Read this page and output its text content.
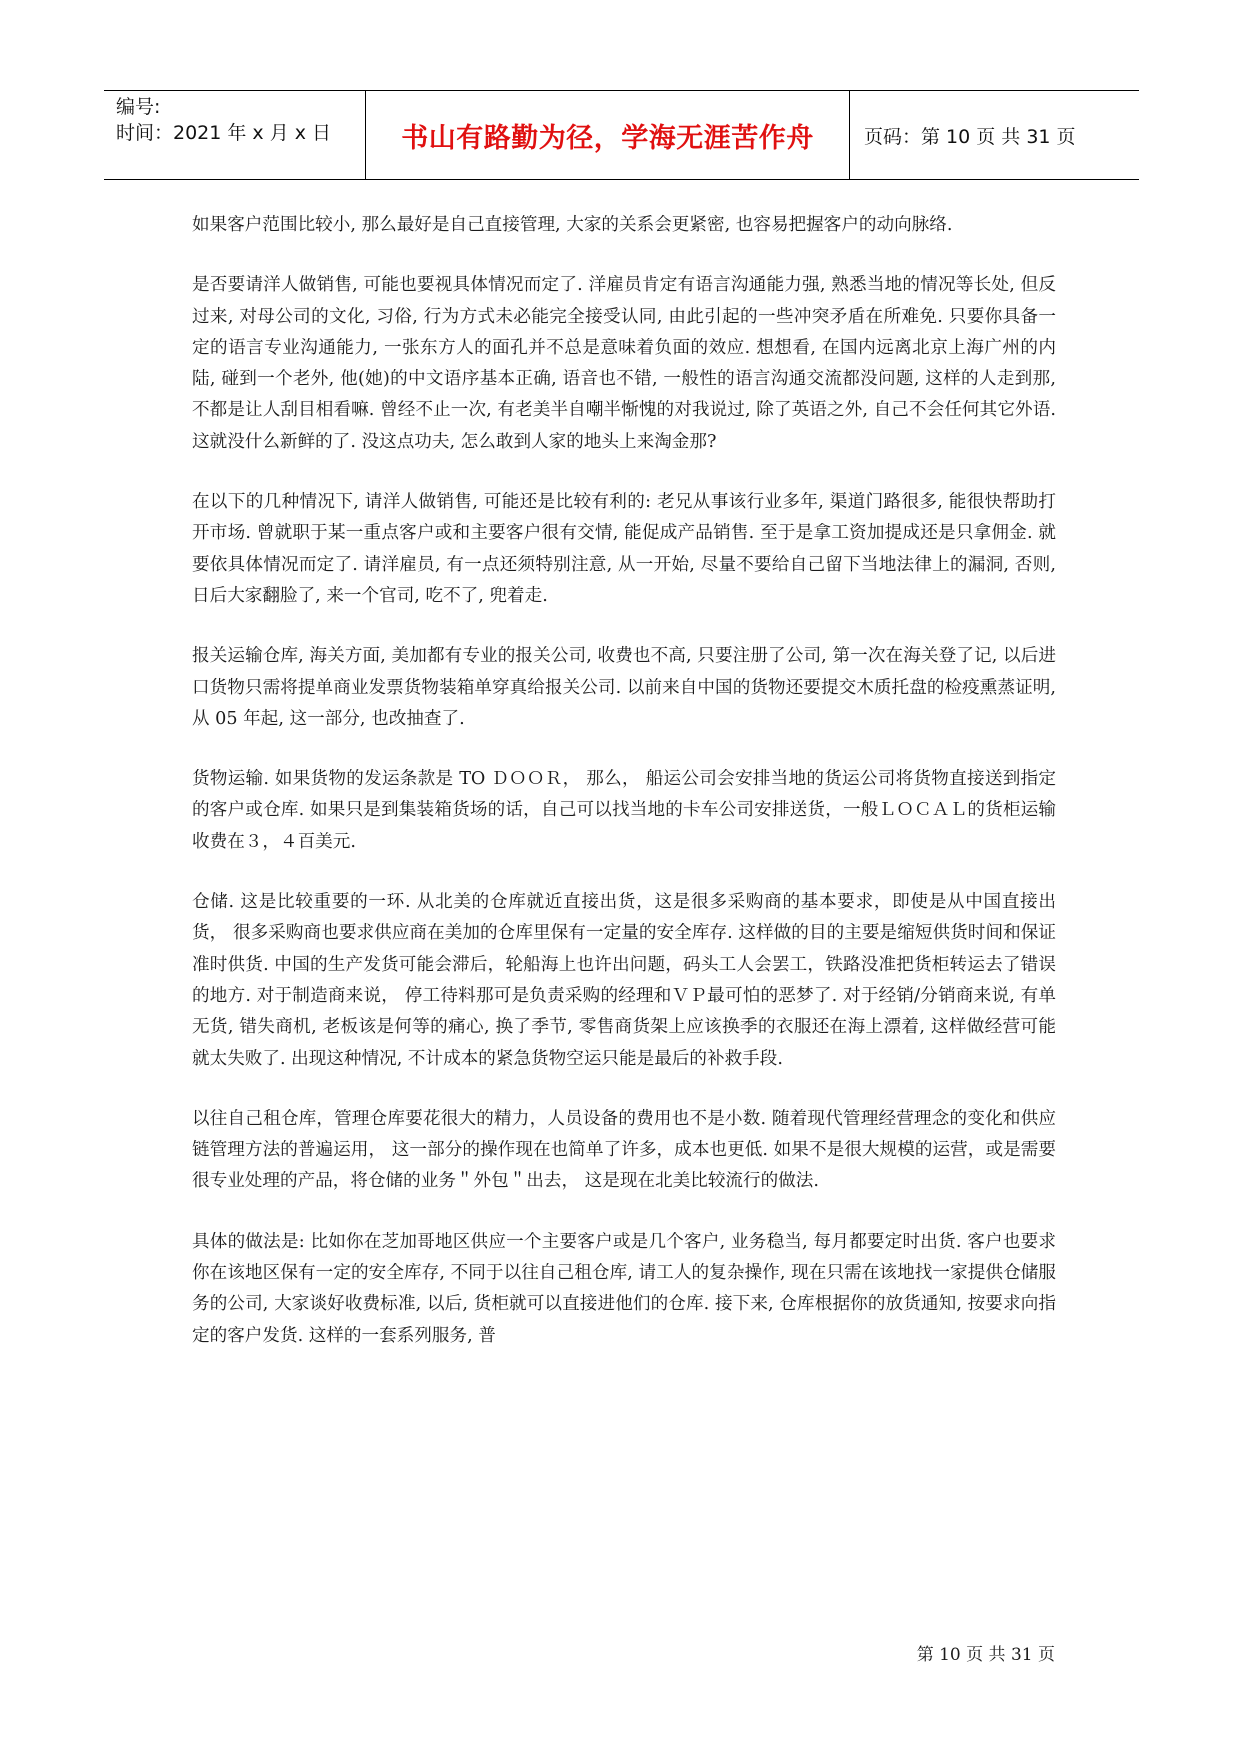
编号:
时间：2021 年 x 月 x 日	书山有路勤为径，学海无涯苦作舟	页码：第 10 页 共 31 页

如果客户范围比较小, 那么最好是自己直接管理, 大家的关系会更紧密, 也容易把握客户的动向脉络.

是否要请洋人做销售, 可能也要视具体情况而定了. 洋雇员肯定有语言沟通能力强, 熟悉当地的情况等长处, 但反过来, 对母公司的文化, 习俗, 行为方式未必能完全接受认同, 由此引起的一些冲突矛盾在所难免. 只要你具备一定的语言专业沟通能力, 一张东方人的面孔并不总是意味着负面的效应. 想想看, 在国内远离北京上海广州的内陆, 碰到一个老外, 他(她)的中文语序基本正确, 语音也不错, 一般性的语言沟通交流都没问题, 这样的人走到那, 不都是让人刮目相看嘛. 曾经不止一次, 有老美半自嘲半惭愧的对我说过, 除了英语之外, 自己不会任何其它外语. 这就没什么新鲜的了. 没这点功夫, 怎么敢到人家的地头上来淘金那?

在以下的几种情况下, 请洋人做销售, 可能还是比较有利的: 老兄从事该行业多年, 渠道门路很多, 能很快帮助打开市场. 曾就职于某一重点客户或和主要客户很有交情, 能促成产品销售. 至于是拿工资加提成还是只拿佣金. 就要依具体情况而定了. 请洋雇员, 有一点还须特别注意, 从一开始, 尽量不要给自己留下当地法律上的漏洞, 否则, 日后大家翻脸了, 来一个官司, 吃不了, 兜着走.

报关运输仓库, 海关方面, 美加都有专业的报关公司, 收费也不高, 只要注册了公司, 第一次在海关登了记, 以后进口货物只需将提单商业发票货物装箱单穿真给报关公司. 以前来自中国的货物还要提交木质托盘的检疫熏蒸证明, 从 05 年起, 这一部分, 也改抽查了.

货物运输. 如果货物的发运条款是 TO ＤＯＯＲ， 那么， 船运公司会安排当地的货运公司将货物直接送到指定的客户或仓库. 如果只是到集装箱货场的话，自己可以找当地的卡车公司安排送货，一般ＬＯＣＡＬ的货柜运输收费在３，４百美元.

仓储. 这是比较重要的一环. 从北美的仓库就近直接出货，这是很多采购商的基本要求，即使是从中国直接出货， 很多采购商也要求供应商在美加的仓库里保有一定量的安全库存. 这样做的目的主要是缩短供货时间和保证准时供货. 中国的生产发货可能会滞后，轮船海上也许出问题，码头工人会罢工，铁路没准把货柜转运去了错误的地方. 对于制造商来说， 停工待料那可是负责采购的经理和ＶＰ最可怕的恶梦了. 对于经销/分销商来说, 有单无货, 错失商机, 老板该是何等的痛心, 换了季节, 零售商货架上应该换季的衣服还在海上漂着, 这样做经营可能就太失败了. 出现这种情况, 不计成本的紧急货物空运只能是最后的补救手段.

以往自己租仓库，管理仓库要花很大的精力，人员设备的费用也不是小数. 随着现代管理经营理念的变化和供应链管理方法的普遍运用， 这一部分的操作现在也简单了许多，成本也更低. 如果不是很大规模的运营，或是需要很专业处理的产品，将仓储的业务＂外包＂出去， 这是现在北美比较流行的做法.

具体的做法是: 比如你在芝加哥地区供应一个主要客户或是几个客户, 业务稳当, 每月都要定时出货. 客户也要求你在该地区保有一定的安全库存, 不同于以往自己租仓库, 请工人的复杂操作, 现在只需在该地找一家提供仓储服务的公司, 大家谈好收费标准, 以后, 货柜就可以直接进他们的仓库. 接下来, 仓库根据你的放货通知, 按要求向指定的客户发货. 这样的一套系列服务, 普

第 10 页 共 31 页
